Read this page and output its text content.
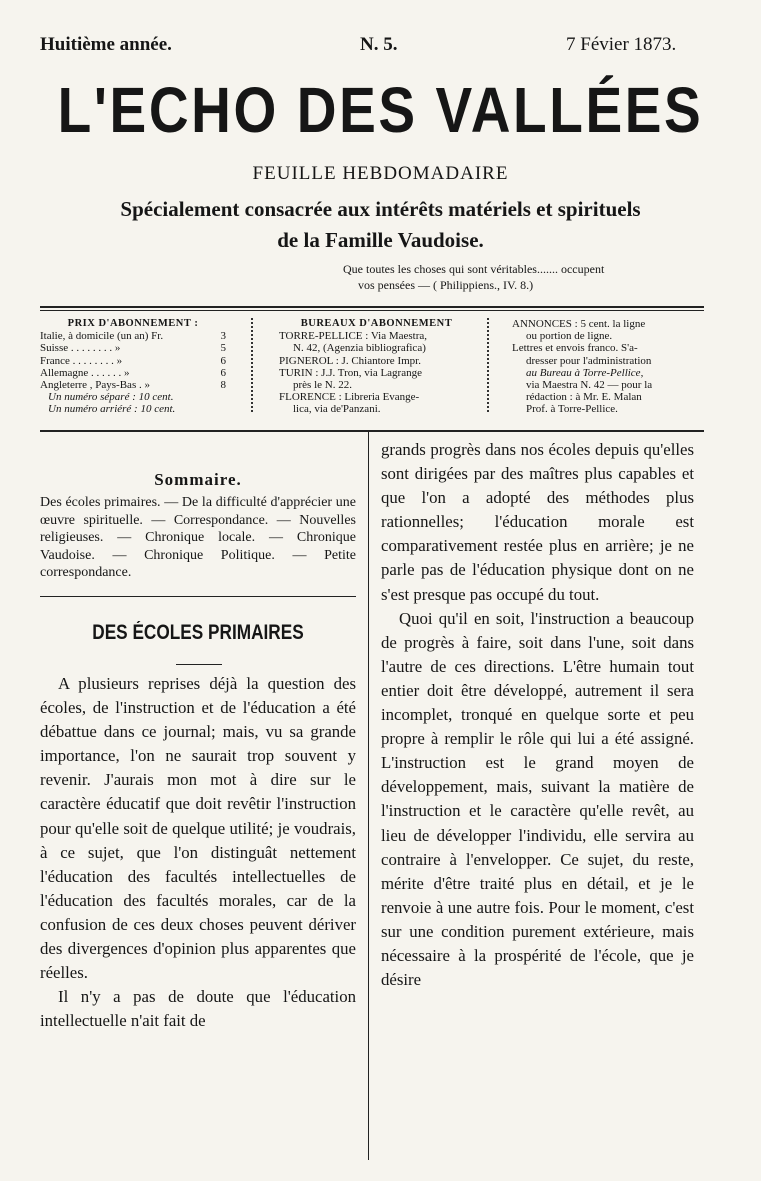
Huitième année.	N. 5.	7 Févier 1873.
L'ECHO DES VALLÉES
FEUILLE HEBDOMADAIRE
Spécialement consacrée aux intérêts matériels et spirituels
de la Famille Vaudoise.
Que toutes les choses qui sont véritables....... occupent
vos pensées — ( Philippiens., IV. 8.)
PRIX D'ABONNEMENT :
Italie, à domicile (un an) Fr.	3
Suisse . . . . . . . . »	5
France . . . . . . . . »	6
Allemagne . . . . . . »	6
Angleterre , Pays-Bas . »	8
Un numéro séparé : 10 cent.
Un numéro arriéré : 10 cent.
BUREAUX D'ABONNEMENT
TORRE-PELLICE : Via Maestra,
N. 42, (Agenzia bibliografica)
PIGNEROL : J. Chiantore Impr.
TURIN : J.J. Tron, via Lagrange
près le N. 22.
FLORENCE : Libreria Evange-
lica, via de'Panzani.
ANNONCES : 5 cent. la ligne
ou portion de ligne.
Lettres et envois franco. S'a-
dresser pour l'administration
au Bureau à Torre-Pellice,
via Maestra N. 42 — pour la
rédaction : à Mr. E. Malan
Prof. à Torre-Pellice.
Sommaire.
Des écoles primaires. — De la difficulté d'apprécier une œuvre spirituelle. — Correspondance. — Nouvelles religieuses. — Chronique locale. — Chronique Vaudoise. — Chronique Politique. — Petite correspondance.
DES ÉCOLES PRIMAIRES

A plusieurs reprises déjà la question des écoles, de l'instruction et de l'éducation a été débattue dans ce journal; mais, vu sa grande importance, l'on ne saurait trop souvent y revenir. J'aurais mon mot à dire sur le caractère éducatif que doit revêtir l'instruction pour qu'elle soit de quelque utilité; je voudrais, à ce sujet, que l'on distinguât nettement l'éducation des facultés intellectuelles de l'éducation des facultés morales, car de la confusion de ces deux choses peuvent dériver des divergences d'opinion plus apparentes que réelles.

Il n'y a pas de doute que l'éducation intellectuelle n'ait fait de

grands progrès dans nos écoles depuis qu'elles sont dirigées par des maîtres plus capables et que l'on a adopté des méthodes plus rationnelles; l'éducation morale est comparativement restée plus en arrière; je ne parle pas de l'éducation physique dont on ne s'est presque pas occupé du tout.

Quoi qu'il en soit, l'instruction a beaucoup de progrès à faire, soit dans l'une, soit dans l'autre de ces directions. L'être humain tout entier doit être développé, autrement il sera incomplet, tronqué en quelque sorte et peu propre à remplir le rôle qui lui a été assigné. L'instruction est le grand moyen de développement, mais, suivant la matière de l'instruction et le caractère qu'elle revêt, au lieu de développer l'individu, elle servira au contraire à l'envelopper. Ce sujet, du reste, mérite d'être traité plus en détail, et je le renvoie à une autre fois. Pour le moment, c'est sur une condition purement extérieure, mais nécessaire à la prospérité de l'école, que je désire
